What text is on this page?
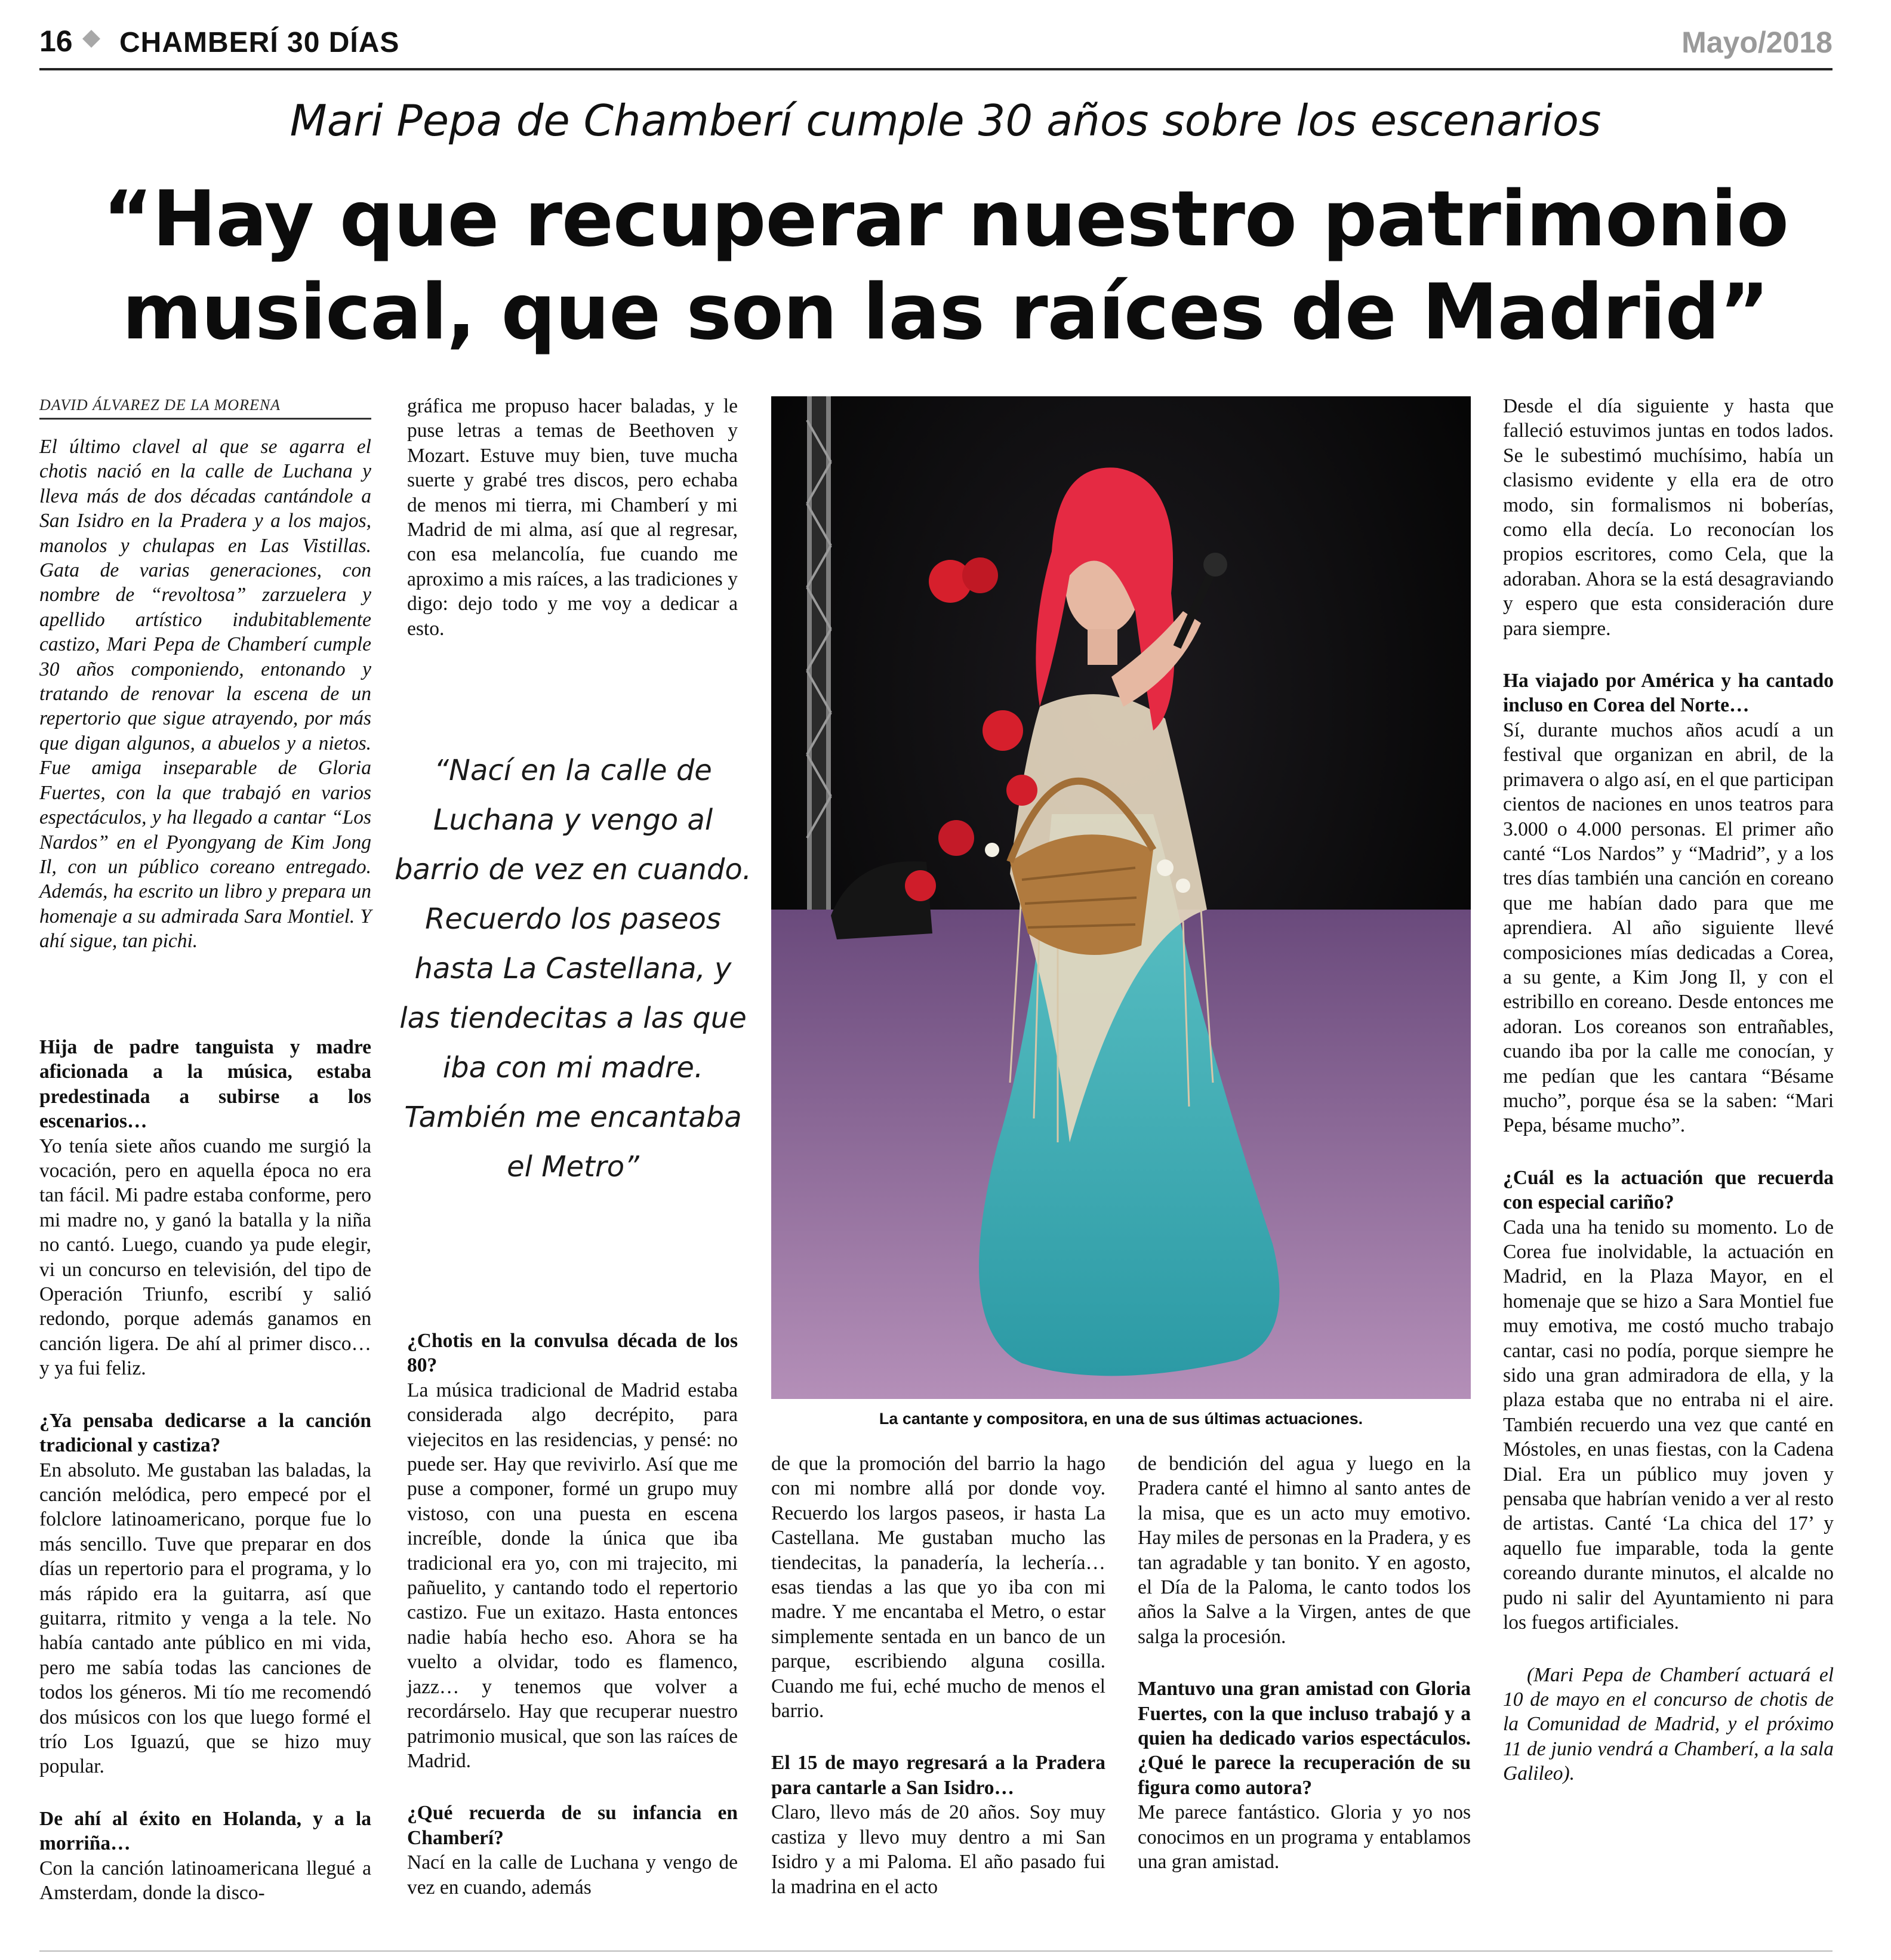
16 CHAMBERÍ 30 DÍAS	Mayo/2018
Mari Pepa de Chamberí cumple 30 años sobre los escenarios
“Hay que recuperar nuestro patrimonio
musical, que son las raíces de Madrid”
DAVID ÁLVAREZ DE LA MORENA
El último clavel al que se agarra el chotis nació en la calle de Luchana y lleva más de dos décadas cantándole a San Isidro en la Pradera y a los majos, manolos y chulapas en Las Vistillas. Gata de varias generaciones, con nombre de “revoltosa” zarzuelera y apellido artístico indubitablemente castizo, Mari Pepa de Chamberí cumple 30 años componiendo, entonando y tratando de renovar la escena de un repertorio que sigue atrayendo, por más que digan algunos, a abuelos y a nietos. Fue amiga inseparable de Gloria Fuertes, con la que trabajó en varios espectáculos, y ha llegado a cantar “Los Nardos” en el Pyongyang de Kim Jong Il, con un público coreano entregado. Además, ha escrito un libro y prepara un homenaje a su admirada Sara Montiel. Y ahí sigue, tan pichi.

Hija de padre tanguista y madre aficionada a la música, estaba predestinada a subirse a los escenarios…

Yo tenía siete años cuando me surgió la vocación, pero en aquella época no era tan fácil. Mi padre estaba conforme, pero mi madre no, y ganó la batalla y la niña no cantó. Luego, cuando ya pude elegir, vi un concurso en televisión, del tipo de Operación Triunfo, escribí y salió redondo, porque además ganamos en canción ligera. De ahí al primer disco… y ya fui feliz.

¿Ya pensaba dedicarse a la canción tradicional y castiza?

En absoluto. Me gustaban las baladas, la canción melódica, pero empecé por el folclore latinoamericano, porque fue lo más sencillo. Tuve que preparar en dos días un repertorio para el programa, y lo más rápido era la guitarra, así que guitarra, ritmito y venga a la tele. No había cantado ante público en mi vida, pero me sabía todas las canciones de todos los géneros. Mi tío me recomendó dos músicos con los que luego formé el trío Los Iguazú, que se hizo muy popular.

De ahí al éxito en Holanda, y a la morriña…

Con la canción latinoamericana llegué a Amsterdam, donde la disco-

gráfica me propuso hacer baladas, y le puse letras a temas de Beethoven y Mozart. Estuve muy bien, tuve mucha suerte y grabé tres discos, pero echaba de menos mi tierra, mi Chamberí y mi Madrid de mi alma, así que al regresar, con esa melancolía, fue cuando me aproximo a mis raíces, a las tradiciones y digo: dejo todo y me voy a dedicar a esto.

“Nací en la calle de Luchana y vengo al barrio de vez en cuando. Recuerdo los paseos hasta La Castellana, y las tiendecitas a las que iba con mi madre. También me encantaba el Metro”

¿Chotis en la convulsa década de los 80?

La música tradicional de Madrid estaba considerada algo decrépito, para viejecitos en las residencias, y pensé: no puede ser. Hay que revivirlo. Así que me puse a componer, formé un grupo muy vistoso, con una puesta en escena increíble, donde la única que iba tradicional era yo, con mi trajecito, mi pañuelito, y cantando todo el repertorio castizo. Fue un exitazo. Hasta entonces nadie había hecho eso. Ahora se ha vuelto a olvidar, todo es flamenco, jazz… y tenemos que volver a recordárselo. Hay que recuperar nuestro patrimonio musical, que son las raíces de Madrid.

¿Qué recuerda de su infancia en Chamberí?

Nací en la calle de Luchana y vengo de vez en cuando, además

La cantante y compositora, en una de sus últimas actuaciones.

de que la promoción del barrio la hago con mi nombre allá por donde voy. Recuerdo los largos paseos, ir hasta La Castellana. Me gustaban mucho las tiendecitas, la panadería, la lechería… esas tiendas a las que yo iba con mi madre. Y me encantaba el Metro, o estar simplemente sentada en un banco de un parque, escribiendo alguna cosilla. Cuando me fui, eché mucho de menos el barrio.

El 15 de mayo regresará a la Pradera para cantarle a San Isidro…

Claro, llevo más de 20 años. Soy muy castiza y llevo muy dentro a mi San Isidro y a mi Paloma. El año pasado fui la madrina en el acto

de bendición del agua y luego en la Pradera canté el himno al santo antes de la misa, que es un acto muy emotivo. Hay miles de personas en la Pradera, y es tan agradable y tan bonito. Y en agosto, el Día de la Paloma, le canto todos los años la Salve a la Virgen, antes de que salga la procesión.

Mantuvo una gran amistad con Gloria Fuertes, con la que incluso trabajó y a quien ha dedicado varios espectáculos. ¿Qué le parece la recuperación de su figura como autora?

Me parece fantástico. Gloria y yo nos conocimos en un programa y entablamos una gran amistad.

Desde el día siguiente y hasta que falleció estuvimos juntas en todos lados. Se le subestimó muchísimo, había un clasismo evidente y ella era de otro modo, sin formalismos ni boberías, como ella decía. Lo reconocían los propios escritores, como Cela, que la adoraban. Ahora se la está desagraviando y espero que esta consideración dure para siempre.

Ha viajado por América y ha cantado incluso en Corea del Norte…

Sí, durante muchos años acudí a un festival que organizan en abril, de la primavera o algo así, en el que participan cientos de naciones en unos teatros para 3.000 o 4.000 personas. El primer año canté “Los Nardos” y “Madrid”, y a los tres días también una canción en coreano que me habían dado para que me aprendiera. Al año siguiente llevé composiciones mías dedicadas a Corea, a su gente, a Kim Jong Il, y con el estribillo en coreano. Desde entonces me adoran. Los coreanos son entrañables, cuando iba por la calle me conocían, y me pedían que les cantara “Bésame mucho”, porque ésa se la saben: “Mari Pepa, bésame mucho”.

¿Cuál es la actuación que recuerda con especial cariño?

Cada una ha tenido su momento. Lo de Corea fue inolvidable, la actuación en Madrid, en la Plaza Mayor, en el homenaje que se hizo a Sara Montiel fue muy emotiva, me costó mucho trabajo cantar, casi no podía, porque siempre he sido una gran admiradora de ella, y la plaza estaba que no entraba ni el aire. También recuerdo una vez que canté en Móstoles, en unas fiestas, con la Cadena Dial. Era un público muy joven y pensaba que habrían venido a ver al resto de artistas. Canté ‘La chica del 17’ y aquello fue imparable, toda la gente coreando durante minutos, el alcalde no pudo ni salir del Ayuntamiento ni para los fuegos artificiales.

(Mari Pepa de Chamberí actuará el 10 de mayo en el concurso de chotis de la Comunidad de Madrid, y el próximo 11 de junio vendrá a Chamberí, a la sala Galileo).
